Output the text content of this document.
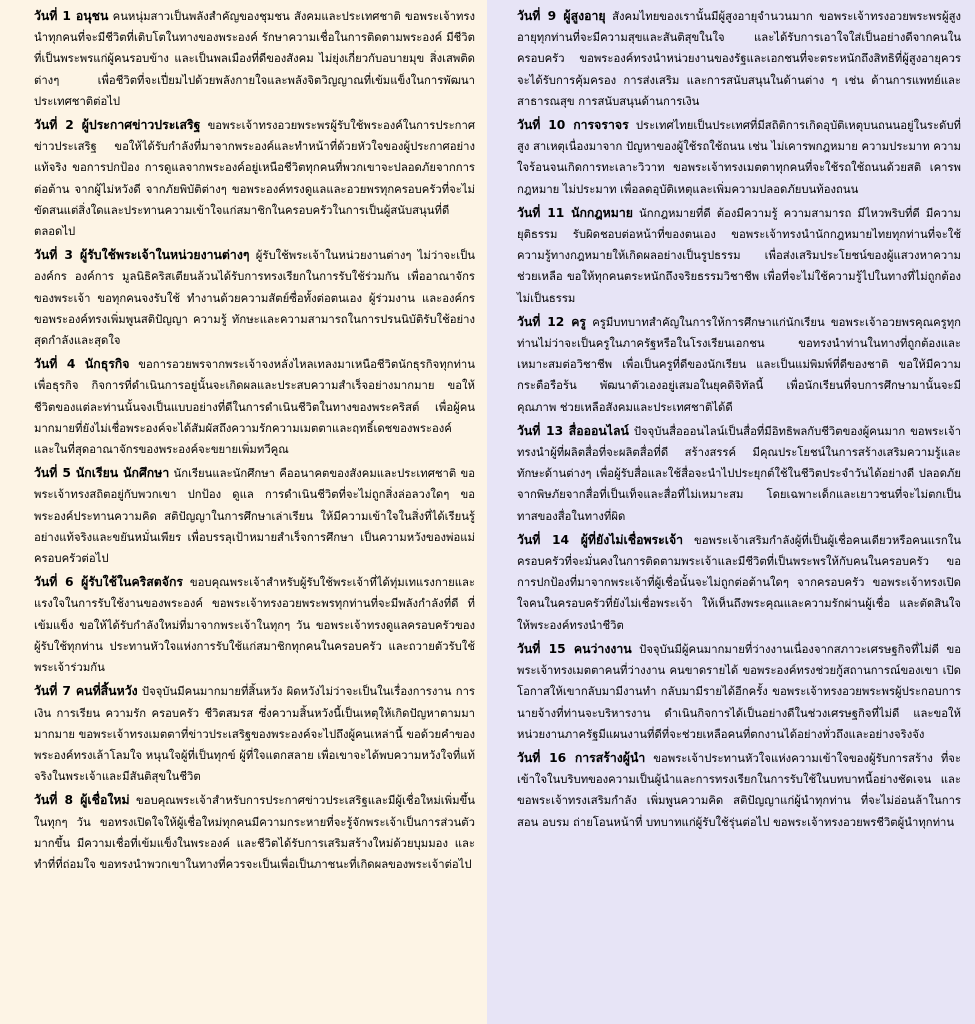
วันที่ 1 อนุชน คนหนุ่มสาวเป็นพลังสำคัญของชุมชน สังคมและประเทศชาติ ขอพระเจ้าทรงนำทุกคนที่จะมีชีวิตที่เติบโตในทางของพระองค์ รักษาความเชื่อในการติดตามพระองค์ มีชีวิตที่เป็นพระพรแก่ผู้คนรอบข้าง และเป็นพลเมืองที่ดีของสังคม ไม่ยุ่งเกี่ยวกับอบายมุข สิ่งเสพติดต่างๆ เพื่อชีวิตที่จะเปี่ยมไปด้วยพลังกายใจและพลังจิตวิญญาณที่เข้มแข็งในการพัฒนาประเทศชาติต่อไป

วันที่ 2 ผู้ประกาศข่าวประเสริฐ ขอพระเจ้าทรงอวยพระพรผู้รับใช้พระองค์ในการประกาศข่าวประเสริฐ ขอให้ได้รับกำลังที่มาจากพระองค์และทำหน้าที่ด้วยหัวใจของผู้ประกาศอย่างแท้จริง ขอการปกป้อง การดูแลจากพระองค์อยู่เหนือชีวิตทุกคนที่พวกเขาจะปลอดภัยจากการต่อต้าน จากผู้ไม่หวังดี จากภัยพิบัติต่างๆ ขอพระองค์ทรงดูแลและอวยพรทุกครอบครัวที่จะไม่ขัดสนแต่สิ่งใดและประทานความเข้าใจแก่สมาชิกในครอบครัวในการเป็นผู้สนับสนุนที่ดีตลอดไป

วันที่ 3 ผู้รับใช้พระเจ้าในหน่วยงานต่างๆ ผู้รับใช้พระเจ้าในหน่วยงานต่างๆ ไม่ว่าจะเป็น องค์กร องค์การ มูลนิธิคริสเตียนล้วนได้รับการทรงเรียกในการรับใช้ร่วมกัน เพื่ออาณาจักรของพระเจ้า ขอทุกคนจงรับใช้ ทำงานด้วยความสัตย์ซื่อทั้งต่อตนเอง ผู้ร่วมงาน และองค์กร ขอพระองค์ทรงเพิ่มพูนสติปัญญา ความรู้ ทักษะและความสามารถในการปรนนิบัติรับใช้อย่างสุดกำลังและสุดใจ

วันที่ 4 นักธุรกิจ ขอการอวยพรจากพระเจ้าจงหลั่งไหลเทลงมาเหนือชีวิตนักธุรกิจทุกท่าน เพื่อธุรกิจ กิจการที่ดำเนินการอยู่นั้นจะเกิดผลและประสบความสำเร็จอย่างมากมาย ขอให้ชีวิตของแต่ละท่านนั้นจงเป็นแบบอย่างที่ดีในการดำเนินชีวิตในทางของพระคริสต์ เพื่อผู้คนมากมายที่ยังไม่เชื่อพระองค์จะได้สัมผัสถึงความรักความเมตตาและฤทธิ์เดชของพระองค์ และในที่สุดอาณาจักรของพระองค์จะขยายเพิ่มทวีคูณ

วันที่ 5 นักเรียน นักศึกษา นักเรียนและนักศึกษา คืออนาคตของสังคมและประเทศชาติ ขอพระเจ้าทรงสถิตอยู่กับพวกเขา ปกป้อง ดูแล การดำเนินชีวิตที่จะไม่ถูกสิ่งล่อลวงใดๆ ขอพระองค์ประทานความคิด สติปัญญาในการศึกษาเล่าเรียน ให้มีความเข้าใจในสิ่งที่ได้เรียนรู้อย่างแท้จริงและขยันหมั่นเพียร เพื่อบรรลุเป้าหมายสำเร็จการศึกษา เป็นความหวังของพ่อแม่ ครอบครัวต่อไป

วันที่ 6 ผู้รับใช้ในคริสตจักร ขอบคุณพระเจ้าสำหรับผู้รับใช้พระเจ้าที่ได้ทุ่มเทแรงกายและแรงใจในการรับใช้งานของพระองค์ ขอพระเจ้าทรงอวยพระพรทุกท่านที่จะมีพลังกำลังที่ดี ที่เข้มแข็ง ขอให้ได้รับกำลังใหม่ที่มาจากพระเจ้าในทุกๆ วัน ขอพระเจ้าทรงดูแลครอบครัวของผู้รับใช้ทุกท่าน ประทานหัวใจแห่งการรับใช้แก่สมาชิกทุกคนในครอบครัว และถวายตัวรับใช้พระเจ้าร่วมกัน

วันที่ 7 คนที่สิ้นหวัง ปัจจุบันมีคนมากมายที่สิ้นหวัง ผิดหวังไม่ว่าจะเป็นในเรื่องการงาน การเงิน การเรียน ความรัก ครอบครัว ชีวิตสมรส ซึ่งความสิ้นหวังนี้เป็นเหตุให้เกิดปัญหาตามมามากมาย ขอพระเจ้าทรงเมตตาที่ข่าวประเสริฐของพระองค์จะไปถึงผู้คนเหล่านี้ ขอด้วยคำของพระองค์ทรงเล้าโลมใจ หนุนใจผู้ที่เป็นทุกข์ ผู้ที่ใจแตกสลาย เพื่อเขาจะได้พบความหวังใจที่แท้จริงในพระเจ้าและมีสันติสุขในชีวิต

วันที่ 8 ผู้เชื่อใหม่ ขอบคุณพระเจ้าสำหรับการประกาศข่าวประเสริฐและมีผู้เชื่อใหม่เพิ่มขึ้นในทุกๆ วัน ขอทรงเปิดใจให้ผู้เชื่อใหม่ทุกคนมีความกระหายที่จะรู้จักพระเจ้าเป็นการส่วนตัวมากขึ้น มีความเชื่อที่เข้มแข็งในพระองค์ และชีวิตได้รับการเสริมสร้างใหม่ด้วยบุมมอง และทำที่ที่ถ่อมใจ ขอทรงนำพวกเขาในทางที่ควรจะเป็นเพื่อเป็นภาชนะที่เกิดผลของพระเจ้าต่อไป

วันที่ 9 ผู้สูงอายุ สังคมไทยของเรานั้นมีผู้สูงอายุจำนวนมาก ขอพระเจ้าทรงอวยพระพรผู้สูงอายุทุกท่านที่จะมีความสุขและสันติสุขในใจ และได้รับการเอาใจใส่เป็นอย่างดีจากคนในครอบครัว ขอพระองค์ทรงนำหน่วยงานของรัฐและเอกชนที่จะตระหนักถึงสิทธิที่ผู้สูงอายุควรจะได้รับการคุ้มครอง การส่งเสริม และการสนับสนุนในด้านต่าง ๆ เช่น ด้านการแพทย์และสาธารณสุข การสนับสนุนด้านการเงิน

วันที่ 10 การจราจร ประเทศไทยเป็นประเทศที่มีสถิติการเกิดอุบัติเหตุบนถนนอยู่ในระดับที่สูง สาเหตุเนื่องมาจาก ปัญหาของผู้ใช้รถใช้ถนน เช่น ไม่เคารพกฎหมาย ความประมาท ความใจร้อนจนเกิดการทะเลาะวิวาท ขอพระเจ้าทรงเมตตาทุกคนที่จะใช้รถใช้ถนนด้วยสติ เคารพกฎหมาย ไม่ประมาท เพื่อลดอุบัติเหตุและเพิ่มความปลอดภัยบนท้องถนน

วันที่ 11 นักกฎหมาย นักกฎหมายที่ดี ต้องมีความรู้ ความสามารถ มีไหวพริบที่ดี มีความยุติธรรม รับผิดชอบต่อหน้าที่ของตนเอง ขอพระเจ้าทรงนำนักกฎหมายไทยทุกท่านที่จะใช้ความรู้ทางกฎหมายให้เกิดผลอย่างเป็นรูปธรรม เพื่อส่งเสริมประโยชน์ของผู้แสวงหาความช่วยเหลือ ขอให้ทุกคนตระหนักถึงจริยธรรมวิชาชีพ เพื่อที่จะไม่ใช้ความรู้ไปในทางที่ไม่ถูกต้องไม่เป็นธรรม

วันที่ 12 ครู ครูมีบทบาทสำคัญในการให้การศึกษาแก่นักเรียน ขอพระเจ้าอวยพรคุณครูทุกท่านไม่ว่าจะเป็นครูในภาครัฐหรือในโรงเรียนเอกชน ขอทรงนำท่านในทางที่ถูกต้องและเหมาะสมต่อวิชาชีพ เพื่อเป็นครูที่ดีของนักเรียน และเป็นแม่พิมพ์ที่ดีของชาติ ขอให้มีความกระตือรือร้น พัฒนาตัวเองอยู่เสมอในยุคดิจิทัลนี้ เพื่อนักเรียนที่จบการศึกษามานั้นจะมีคุณภาพ ช่วยเหลือสังคมและประเทศชาติได้ดี

วันที่ 13 สื่อออนไลน์ ปัจจุบันสื่อออนไลน์เป็นสื่อที่มีอิทธิพลกับชีวิตของผู้คนมาก ขอพระเจ้าทรงนำผู้ที่ผลิตสื่อที่จะผลิตสื่อที่ดี สร้างสรรค์ มีคุณประโยชน์ในการสร้างเสริมความรู้และทักษะด้านต่างๆ เพื่อผู้รับสื่อและใช้สื่อจะนำไปประยุกต์ใช้ในชีวิตประจำวันได้อย่างดี ปลอดภัยจากพิษภัยจากสื่อที่เป็นเท็จและสื่อที่ไม่เหมาะสม โดยเฉพาะเด็กและเยาวชนที่จะไม่ตกเป็นทาสของสื่อในทางที่ผิด

วันที่ 14 ผู้ที่ยังไม่เชื่อพระเจ้า ขอพระเจ้าเสริมกำลังผู้ที่เป็นผู้เชื่อคนเดียวหรือคนแรกในครอบครัวที่จะมั่นคงในการติดตามพระเจ้าและมีชีวิตที่เป็นพระพรให้กับคนในครอบครัว ขอการปกป้องที่มาจากพระเจ้าที่ผู้เชื่อนั้นจะไม่ถูกต่อต้านใดๆ จากครอบครัว ขอพระเจ้าทรงเปิดใจคนในครอบครัวที่ยังไม่เชื่อพระเจ้า ให้เห็นถึงพระคุณและความรักผ่านผู้เชื่อ และตัดสินใจให้พระองค์ทรงนำชีวิต

วันที่ 15 คนว่างงาน ปัจจุบันมีผู้คนมากมายที่ว่างงานเนื่องจากสภาวะเศรษฐกิจที่ไม่ดี ขอพระเจ้าทรงเมตตาคนที่ว่างงาน คนขาดรายได้ ขอพระองค์ทรงช่วยกู้สถานการณ์ของเขา เปิดโอกาสให้เขากลับมามีงานทำ กลับมามีรายได้อีกครั้ง ขอพระเจ้าทรงอวยพระพรผู้ประกอบการ นายจ้างที่ท่านจะบริหารงาน ดำเนินกิจการได้เป็นอย่างดีในช่วงเศรษฐกิจที่ไม่ดี และขอให้หน่วยงานภาครัฐมีแผนงานที่ดีที่จะช่วยเหลือคนที่ตกงานได้อย่างทั่วถึงและอย่างจริงจัง

วันที่ 16 การสร้างผู้นำ ขอพระเจ้าประทานหัวใจแห่งความเข้าใจของผู้รับการสร้าง ที่จะเข้าใจในบริบทของความเป็นผู้นำและการทรงเรียกในการรับใช้ในบทบาทนี้อย่างชัดเจน และขอพระเจ้าทรงเสริมกำลัง เพิ่มพูนความคิด สติปัญญาแก่ผู้นำทุกท่าน ที่จะไม่อ่อนล้าในการสอน อบรม ถ่ายโอนหน้าที่ บทบาทแก่ผู้รับใช้รุ่นต่อไป ขอพระเจ้าทรงอวยพรชีวิตผู้นำทุกท่าน
